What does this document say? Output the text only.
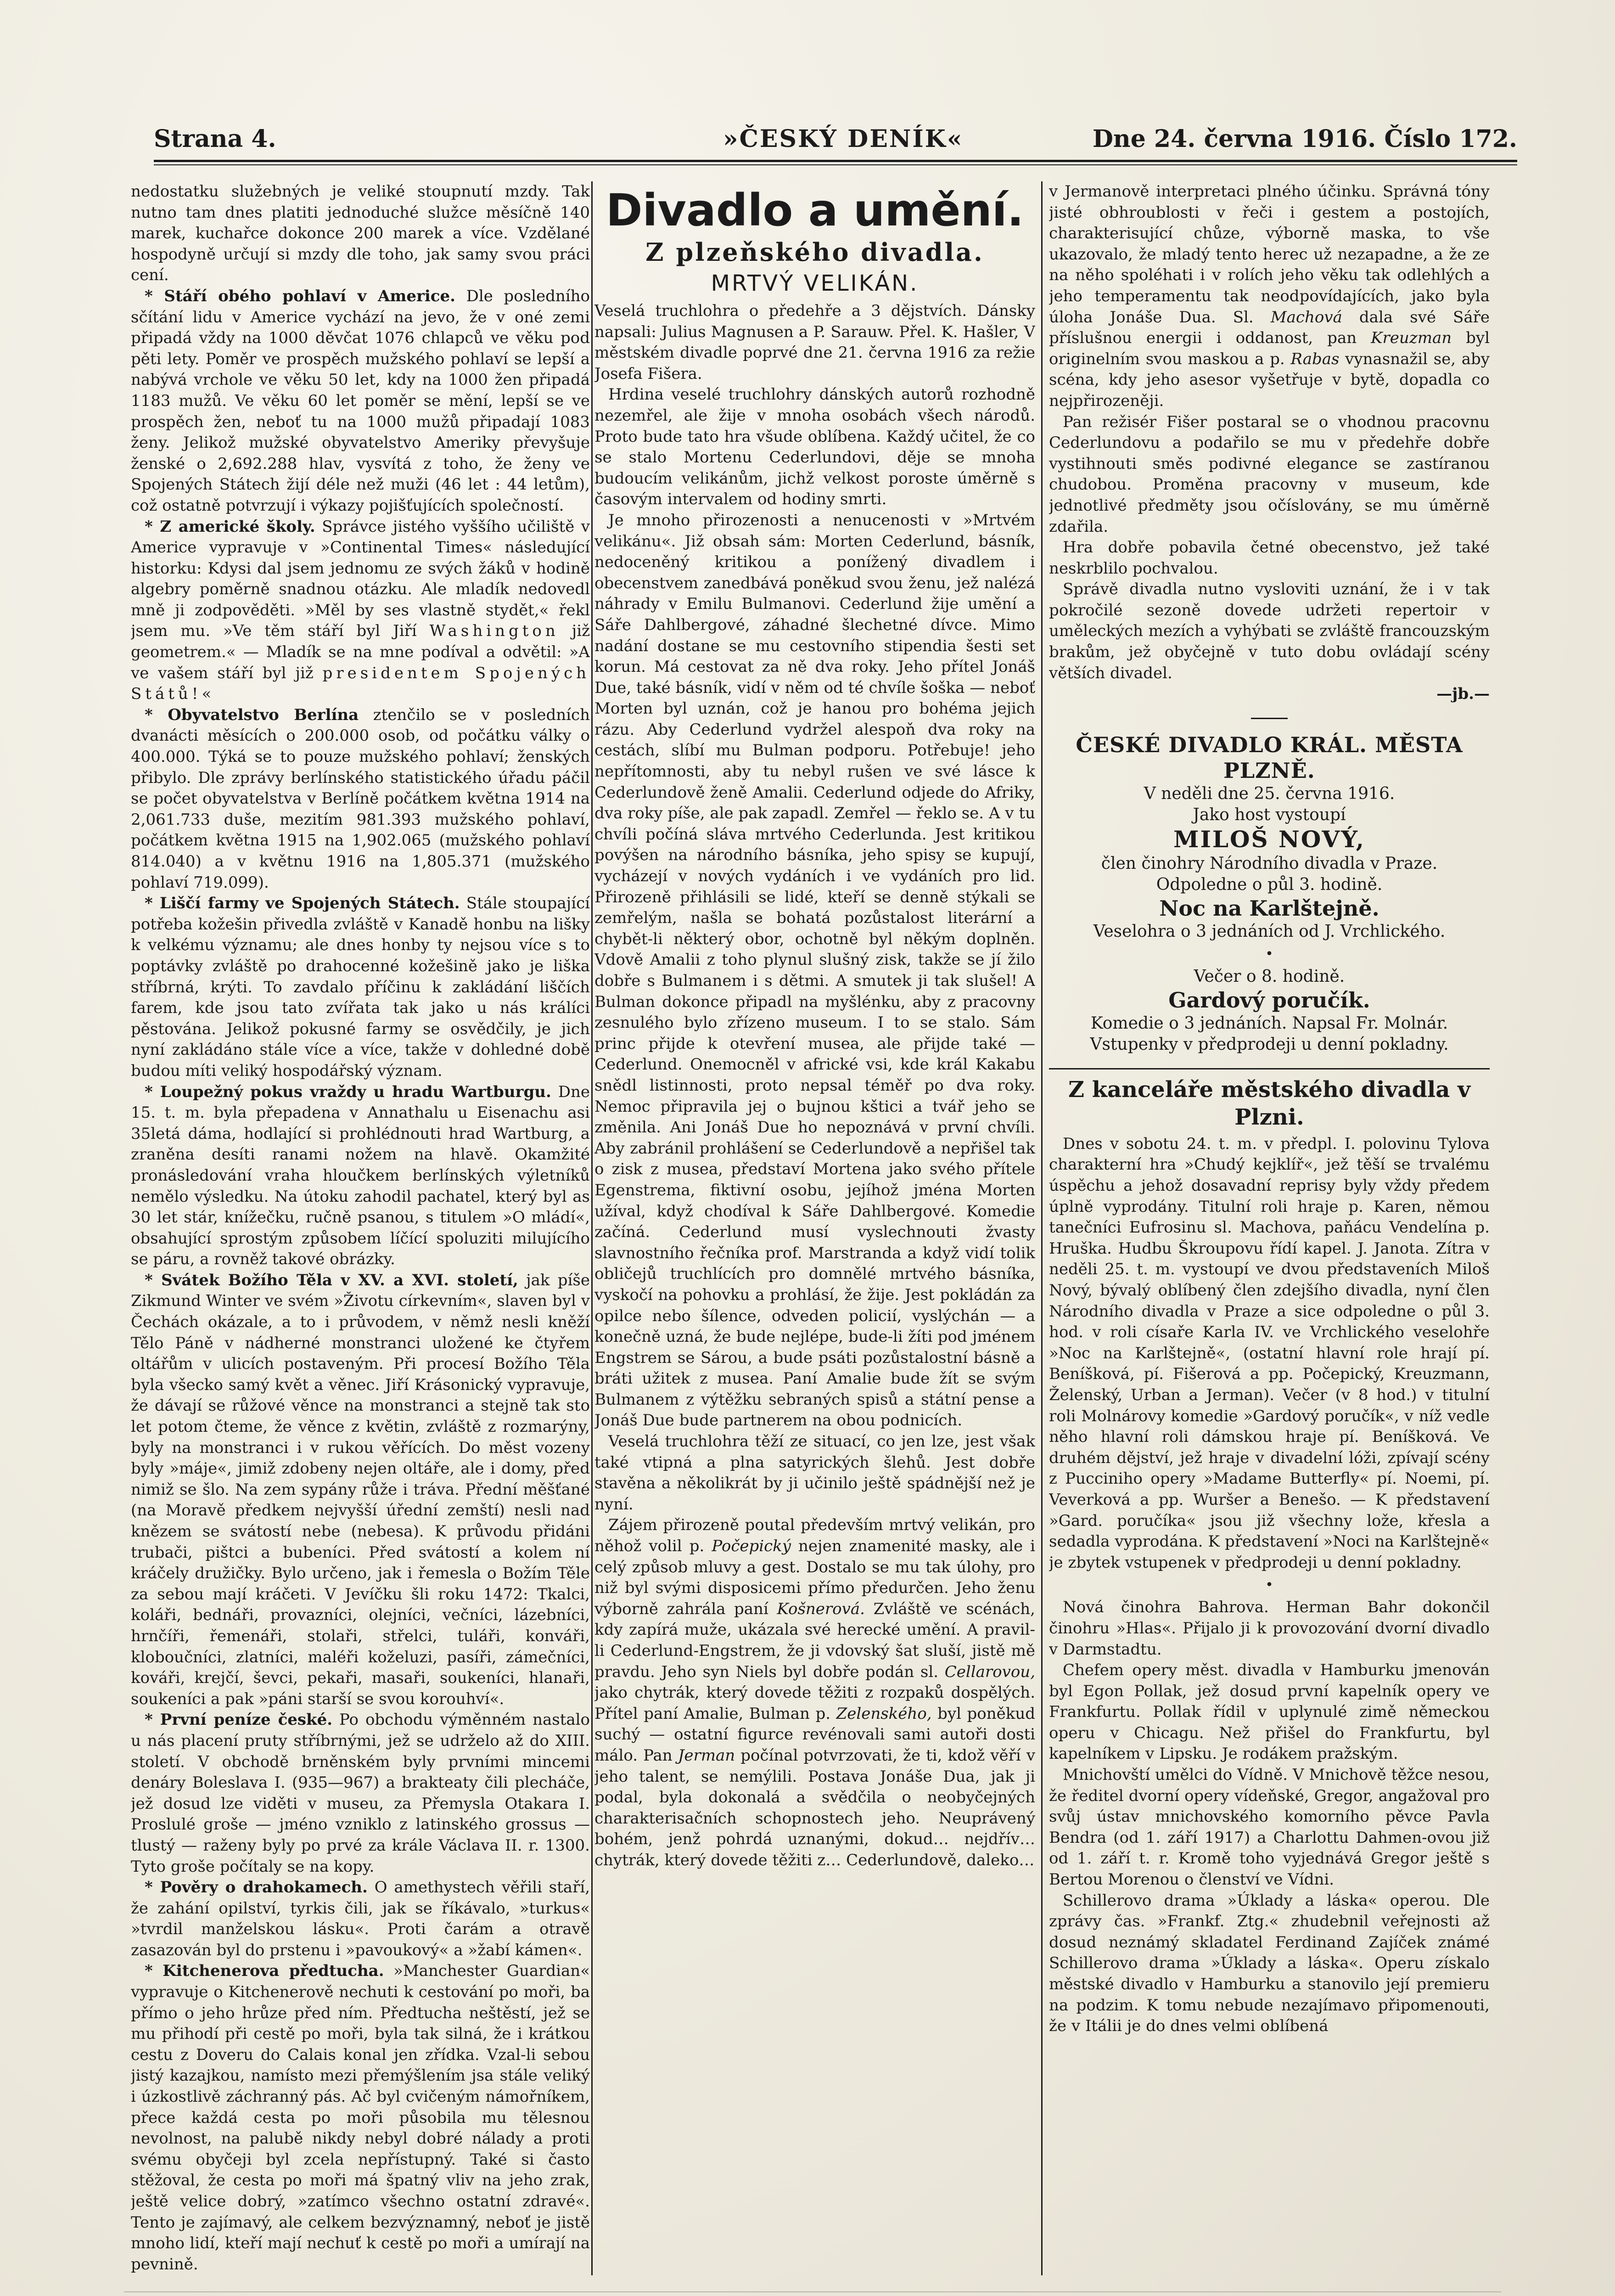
Strana 4.	»ČESKÝ DENÍK«	Dne 24. června 1916. Číslo 172.

nedostatku služebných je veliké stoupnutí mzdy. Tak nutno tam dnes platiti jednoduché služce měsíčně 140 marek, kuchařce dokonce 200 marek a více. Vzdělané hospodyně určují si mzdy dle toho, jak samy svou práci cení.

* Stáří obého pohlaví v Americe. Dle posledního sčítání lidu v Americe vychází na jevo, že v oné zemi připadá vždy na 1000 děvčat 1076 chlapců ve věku pod pěti lety. Poměr ve prospěch mužského pohlaví se lepší a nabývá vrchole ve věku 50 let, kdy na 1000 žen připadá 1183 mužů. Ve věku 60 let poměr se mění, lepší se ve prospěch žen, neboť tu na 1000 mužů připadají 1083 ženy. Jelikož mužské obyvatelstvo Ameriky převyšuje ženské o 2,692.288 hlav, vysvítá z toho, že ženy ve Spojených Státech žijí déle než muži (46 let : 44 letům), což ostatně potvrzují i výkazy pojišťujících společností.

* Z americké školy. Správce jistého vyššího učiliště v Americe vypravuje v »Continental Times« následující historku: Kdysi dal jsem jednomu ze svých žáků v hodině algebry poměrně snadnou otázku. Ale mladík nedovedl mně ji zodpověděti. »Měl by ses vlastně stydět,« řekl jsem mu. »Ve těm stáří byl Jiří Washington již geometrem.« — Mladík se na mne podíval a odvětil: »A ve vašem stáří byl již presidentem Spojených Států!«

* Obyvatelstvo Berlína ztenčilo se v posledních dvanácti měsících o 200.000 osob, od počátku války o 400.000. Týká se to pouze mužského pohlaví; ženských přibylo. Dle zprávy berlínského statistického úřadu páčil se počet obyvatelstva v Berlíně počátkem května 1914 na 2,061.733 duše, mezitím 981.393 mužského pohlaví, počátkem května 1915 na 1,902.065 (mužského pohlaví 814.040) a v květnu 1916 na 1,805.371 (mužského pohlaví 719.099).

* Liščí farmy ve Spojených Státech. Stále stoupající potřeba kožešin přivedla zvláště v Kanadě honbu na lišky k velkému významu; ale dnes honby ty nejsou více s to poptávky zvláště po drahocenné kožešině jako je liška stříbrná, krýti. To zavdalo příčinu k zakládání liščích farem, kde jsou tato zvířata tak jako u nás králíci pěstována. Jelikož pokusné farmy se osvědčily, je jich nyní zakládáno stále více a více, takže v dohledné době budou míti veliký hospodářský význam.

* Loupežný pokus vraždy u hradu Wartburgu. Dne 15. t. m. byla přepadena v Annathalu u Eisenachu asi 35letá dáma, hodlající si prohlédnouti hrad Wartburg, a zraněna desíti ranami nožem na hlavě. Okamžité pronásledování vraha hloučkem berlínských výletníků nemělo výsledku. Na útoku zahodil pachatel, který byl as 30 let stár, knížečku, ručně psanou, s titulem »O mládí«, obsahující sprostým způsobem líčící spoluziti milujícího se páru, a rovněž takové obrázky.

* Svátek Božího Těla v XV. a XVI. století, jak píše Zikmund Winter ve svém »Životu církevním«, slaven byl v Čechách okázale, a to i průvodem, v němž nesli kněží Tělo Páně v nádherné monstranci uložené ke čtyřem oltářům v ulicích postaveným. Při procesí Božího Těla byla všecko samý květ a věnec. Jiří Krásonický vypravuje, že dávají se růžové věnce na monstranci a stejně tak sto let potom čteme, že věnce z květin, zvláště z rozmarýny, byly na monstranci i v rukou věřících. Do měst vozeny byly »máje«, jimiž zdobeny nejen oltáře, ale i domy, před nimiž se šlo. Na zem sypány růže i tráva. Přední měšťané (na Moravě předkem nejvyšší úřední zemští) nesli nad knězem se svátostí nebe (nebesa). K průvodu přidáni trubači, pištci a bubeníci. Před svátostí a kolem ní kráčely družičky. Bylo určeno, jak i řemesla o Božím Těle za sebou mají kráčeti. V Jevíčku šli roku 1472: Tkalci, koláři, bednáři, provazníci, olejníci, večníci, lázebníci, hrnčíři, řemenáři, stolaři, střelci, tuláři, konváři, kloboučníci, zlatníci, maléři koželuzi, pasíři, zámečníci, kováři, krejčí, ševci, pekaři, masaři, soukeníci, hlanaři, soukeníci a pak »páni starší se svou korouhví«.

* První peníze české. Po obchodu výměnném nastalo u nás placení pruty stříbrnými, jež se udrželo až do XIII. století. V obchodě brněnském byly prvními mincemi denáry Boleslava I. (935—967) a brakteaty čili plecháče, jež dosud lze viděti v museu, za Přemysla Otakara I. Proslulé groše — jméno vzniklo z latinského grossus — tlustý — raženy byly po prvé za krále Václava II. r. 1300. Tyto groše počítaly se na kopy.

* Pověry o drahokamech. O amethystech věřili staří, že zahání opilství, tyrkis čili, jak se říkávalo, »turkus« »tvrdil manželskou lásku«. Proti čarám a otravě zasazován byl do prstenu i »pavoukový« a »žabí kámen«.

* Kitchenerova předtucha. »Manchester Guardian« vypravuje o Kitchenerově nechuti k cestování po moři, ba přímo o jeho hrůze před ním. Předtucha neštěstí, jež se mu přihodí při cestě po moři, byla tak silná, že i krátkou cestu z Doveru do Calais konal jen zřídka. Vzal-li sebou jistý kazajkou, namísto mezi přemýšlením jsa stále veliký i úzkostlivě záchranný pás. Ač byl cvičeným námořníkem, přece každá cesta po moři působila mu tělesnou nevolnost, na palubě nikdy nebyl dobré nálady a proti svému obyčeji byl zcela nepřístupný. Také si často stěžoval, že cesta po moři má špatný vliv na jeho zrak, ještě velice dobrý, »zatímco všechno ostatní zdravé«. Tento je zajímavý, ale celkem bezvýznamný, neboť je jistě mnoho lidí, kteří mají nechuť k cestě po moři a umírají na pevnině.

Divadlo a umění.
Z plzeňského divadla.
MRTVÝ VELIKÁN.

Veselá truchlohra o předehře a 3 dějstvích. Dánsky napsali: Julius Magnusen a P. Sarauw. Přel. K. Hašler, V městském divadle poprvé dne 21. června 1916 za režie Josefa Fišera.

Hrdina veselé truchlohry dánských autorů rozhodně nezemřel, ale žije v mnoha osobách všech národů. Proto bude tato hra všude oblíbena. Každý učitel, že co se stalo Mortenu Cederlundovi, děje se mnoha budoucím velikánům, jichž velkost poroste úměrně s časovým intervalem od hodiny smrti.

Je mnoho přirozenosti a nenucenosti v »Mrtvém velikánu«. Již obsah sám: Morten Cederlund, básník, nedoceněný kritikou a ponížený divadlem i obecenstvem zanedbává poněkud svou ženu, jež nalézá náhrady v Emilu Bulmanovi. Cederlund žije umění a Sáře Dahlbergové, záhadné šlechetné dívce. Mimo nadání dostane se mu cestovního stipendia šesti set korun. Má cestovat za ně dva roky. Jeho přítel Jonáš Due, také básník, vidí v něm od té chvíle šoška — neboť Morten byl uznán, což je hanou pro bohéma jejich rázu. Aby Cederlund vydržel alespoň dva roky na cestách, slíbí mu Bulman podporu. Potřebuje! jeho nepřítomnosti, aby tu nebyl rušen ve své lásce k Cederlundově ženě Amalii. Cederlund odjede do Afriky, dva roky píše, ale pak zapadl. Zemřel — řeklo se. A v tu chvíli počíná sláva mrtvého Cederlunda. Jest kritikou povýšen na národního básníka, jeho spisy se kupují, vycházejí v nových vydáních i ve vydáních pro lid. Přirozeně přihlásili se lidé, kteří se denně stýkali se zemřelým, našla se bohatá pozůstalost literární a chybět-li některý obor, ochotně byl někým doplněn. Vdově Amalii z toho plynul slušný zisk, takže se jí žilo dobře s Bulmanem i s dětmi. A smutek ji tak slušel! A Bulman dokonce připadl na myšlénku, aby z pracovny zesnulého bylo zřízeno museum. I to se stalo. Sám princ přijde k otevření musea, ale přijde také — Cederlund. Onemocněl v africké vsi, kde král Kakabu snědl listinnosti, proto nepsal téměř po dva roky. Nemoc připravila jej o bujnou kštici a tvář jeho se změnila. Ani Jonáš Due ho nepoznává v první chvíli. Aby zabránil prohlášení se Cederlundově a nepřišel tak o zisk z musea, představí Mortena jako svého přítele Egenstrema, fiktivní osobu, jejíhož jména Morten užíval, když chodíval k Sáře Dahlbergové. Komedie začíná. Cederlund musí vyslechnouti žvasty slavnostního řečníka prof. Marstranda a když vidí tolik obličejů truchlících pro domnělé mrtvého básníka, vyskočí na pohovku a prohlásí, že žije. Jest pokládán za opilce nebo šílence, odveden policií, vyslýchán — a konečně uzná, že bude nejlépe, bude-li žíti pod jménem Engstrem se Sárou, a bude psáti pozůstalostní básně a bráti užitek z musea. Paní Amalie bude žít se svým Bulmanem z výtěžku sebraných spisů a státní pense a Jonáš Due bude partnerem na obou podnicích.

Veselá truchlohra těží ze situací, co jen lze, jest však také vtipná a plna satyrických šlehů. Jest dobře stavěna a několikrát by ji učinilo ještě spádnější než je nyní.

Zájem přirozeně poutal především mrtvý velikán, pro něhož volil p. Počepický nejen znamenité masky, ale i celý způsob mluvy a gest. Dostalo se mu tak úlohy, pro niž byl svými disposicemi přímo předurčen. Jeho ženu výborně zahrála paní Košnerová. Zvláště ve scénách, kdy zapírá muže, ukázala své herecké umění. A pravil-li Cederlund-Engstrem, že ji vdovský šat sluší, jistě mě pravdu. Jeho syn Niels byl dobře podán sl. Cellarovou, jako chytrák, který dovede těžiti z rozpaků dospělých. Přítel paní Amalie, Bulman p. Zelenského, byl poněkud suchý — ostatní figurce revénovali sami autoři dosti málo. Pan Jerman počínal potvrzovati, že ti, kdož věří v jeho talent, se nemýlili. Postava Jonáše Dua, jak ji podal, byla dokonalá a svědčila o neobyčejných charakterisačních schopnostech jeho. Neuprávený bohém, jenž pohrdá uznanými, dokud… nejdřív… chytrák, který dovede těžiti z… Cederlundově, daleko…

v Jermanově interpretaci plného účinku. Správná tóny jisté obhroublosti v řeči i gestem a postojích, charakterisující chůze, výborně maska, to vše ukazovalo, že mladý tento herec už nezapadne, a že ze na něho spoléhati i v rolích jeho věku tak odlehlých a jeho temperamentu tak neodpovídajících, jako byla úloha Jonáše Dua. Sl. Machová dala své Sáře příslušnou energii i oddanost, pan Kreuzman byl originelním svou maskou a p. Rabas vynasnažil se, aby scéna, kdy jeho asesor vyšetřuje v bytě, dopadla co nejpřirozeněji.

Pan režisér Fišer postaral se o vhodnou pracovnu Cederlundovu a podařilo se mu v předehře dobře vystihnouti směs podivné elegance se zastíranou chudobou. Proměna pracovny v museum, kde jednotlivé předměty jsou očíslovány, se mu úměrně zdařila.

Hra dobře pobavila četné obecenstvo, jež také neskrblilo pochvalou.

Správě divadla nutno vysloviti uznání, že i v tak pokročilé sezoně dovede udržeti repertoir v uměleckých mezích a vyhýbati se zvláště francouzským brakům, jež obyčejně v tuto dobu ovládají scény větších divadel.

—jb.—

ČESKÉ DIVADLO KRÁL. MĚSTA PLZNĚ.
V neděli dne 25. června 1916.
Jako host vystoupí
MILOŠ NOVÝ,
člen činohry Národního divadla v Praze.
Odpoledne o půl 3. hodině.
Noc na Karlštejně.
Veselohra o 3 jednáních od J. Vrchlického.
•
Večer o 8. hodině.
Gardový poručík.
Komedie o 3 jednáních. Napsal Fr. Molnár.
Vstupenky v předprodeji u denní pokladny.
Z kanceláře městského divadla v Plzni.

Dnes v sobotu 24. t. m. v předpl. I. polovinu Tylova charakterní hra »Chudý kejklíř«, jež těší se trvalému úspěchu a jehož dosavadní reprisy byly vždy předem úplně vyprodány. Titulní roli hraje p. Karen, němou tanečníci Eufrosinu sl. Machova, paňácu Vendelína p. Hruška. Hudbu Škroupovu řídí kapel. J. Janota. Zítra v neděli 25. t. m. vystoupí ve dvou představeních Miloš Nový, bývalý oblíbený člen zdejšího divadla, nyní člen Národního divadla v Praze a sice odpoledne o půl 3. hod. v roli císaře Karla IV. ve Vrchlického veselohře »Noc na Karlštejně«, (ostatní hlavní role hrají pí. Beníšková, pí. Fišerová a pp. Počepický, Kreuzmann, Želenský, Urban a Jerman). Večer (v 8 hod.) v titulní roli Molnárovy komedie »Gardový poručík«, v níž vedle něho hlavní roli dámskou hraje pí. Beníšková. Ve druhém dějství, jež hraje v divadelní lóži, zpívají scény z Pucciniho opery »Madame Butterfly« pí. Noemi, pí. Veverková a pp. Wuršer a Benešo. — K představení »Gard. poručíka« jsou již všechny lože, křesla a sedadla vyprodána. K představení »Noci na Karlštejně« je zbytek vstupenek v předprodeji u denní pokladny.

•

Nová činohra Bahrova. Herman Bahr dokončil činohru »Hlas«. Přijalo ji k provozování dvorní divadlo v Darmstadtu.

Chefem opery měst. divadla v Hamburku jmenován byl Egon Pollak, jež dosud první kapelník opery ve Frankfurtu. Pollak řídil v uplynulé zimě německou operu v Chicagu. Než přišel do Frankfurtu, byl kapelníkem v Lipsku. Je rodákem pražským.

Mnichovští umělci do Vídně. V Mnichově těžce nesou, že ředitel dvorní opery vídeňské, Gregor, angažoval pro svůj ústav mnichovského komorního pěvce Pavla Bendra (od 1. září 1917) a Charlottu Dahmen-ovou již od 1. září t. r. Kromě toho vyjednává Gregor ještě s Bertou Morenou o členství ve Vídni.

Schillerovo drama »Úklady a láska« operou. Dle zprávy čas. »Frankf. Ztg.« zhudebnil veřejnosti až dosud neznámý skladatel Ferdinand Zajíček známé Schillerovo drama »Úklady a láska«. Operu získalo městské divadlo v Hamburku a stanovilo její premieru na podzim. K tomu nebude nezajímavo připomenouti, že v Itálii je do dnes velmi oblíbená
